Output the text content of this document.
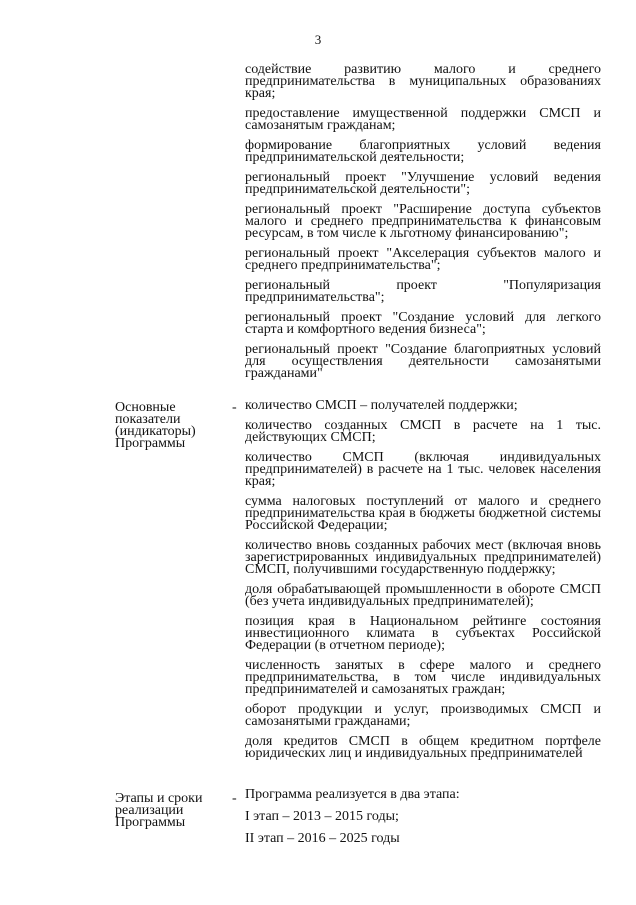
3

содействие развитию малого и среднего предпринимательства в муниципальных образованиях края;

предоставление имущественной поддержки СМСП и самозанятым гражданам;

формирование благоприятных условий ведения предпринимательской деятельности;

региональный проект "Улучшение условий ведения предпринимательской деятельности";

региональный проект "Расширение доступа субъектов малого и среднего предпринимательства к финансовым ресурсам, в том числе к льготному финансированию";

региональный проект "Акселерация субъектов малого и среднего предпринимательства";

региональный проект "Популяризация предпринимательства";

региональный проект "Создание условий для легкого старта и комфортного ведения бизнеса";

региональный проект "Создание благоприятных условий для осуществления деятельности самозанятыми гражданами"

Основные показатели (индикаторы) Программы
- количество СМСП – получателей поддержки;

количество созданных СМСП в расчете на 1 тыс. действующих СМСП;

количество СМСП (включая индивидуальных предпринимателей) в расчете на 1 тыс. человек населения края;

сумма налоговых поступлений от малого и среднего предпринимательства края в бюджеты бюджетной системы Российской Федерации;

количество вновь созданных рабочих мест (включая вновь зарегистрированных индивидуальных предпринимателей) СМСП, получившими государственную поддержку;

доля обрабатывающей промышленности в обороте СМСП (без учета индивидуальных предпринимателей);

позиция края в Национальном рейтинге состояния инвестиционного климата в субъектах Российской Федерации (в отчетном периоде);

численность занятых в сфере малого и среднего предпринимательства, в том числе индивидуальных предпринимателей и самозанятых граждан;

оборот продукции и услуг, производимых СМСП и самозанятыми гражданами;

доля кредитов СМСП в общем кредитном портфеле юридических лиц и индивидуальных предпринимателей

Этапы и сроки реализации Программы
- Программа реализуется в два этапа:

I этап – 2013 – 2015 годы;

II этап – 2016 – 2025 годы
